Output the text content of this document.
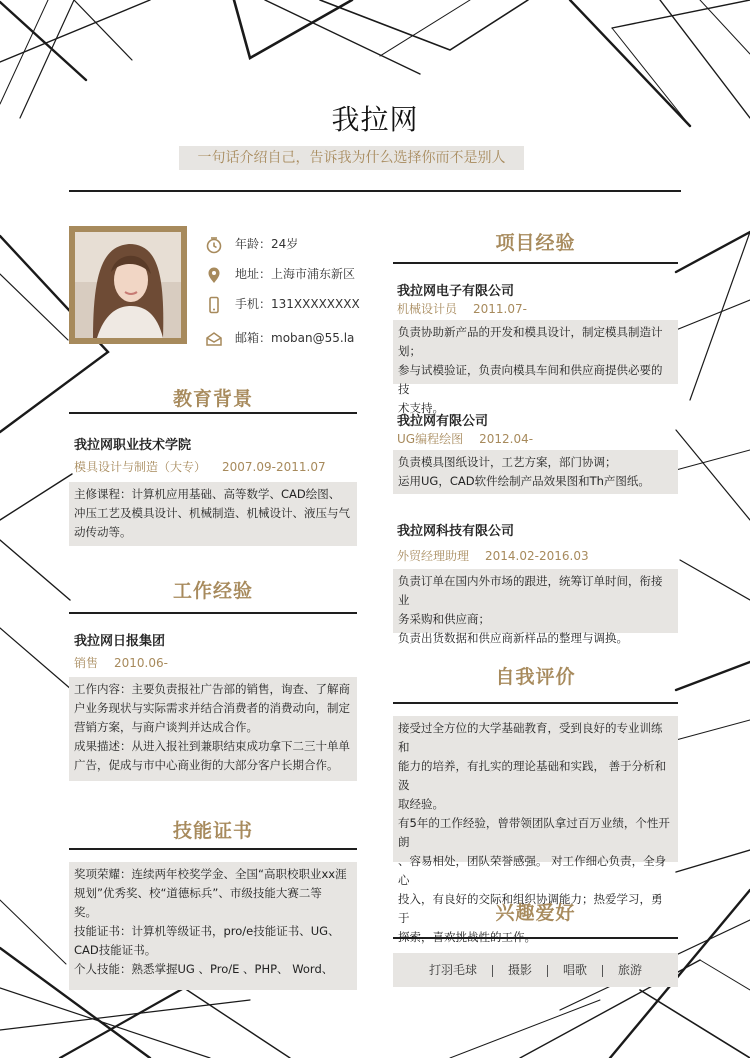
我拉网
一句话介绍自己，告诉我为什么选择你而不是别人
年龄：24岁
地址：上海市浦东新区
手机：131XXXXXXXX
邮箱：moban@55.la
教育背景
我拉网职业技术学院
模具设计与制造（大专） 2007.09-2011.07

主修课程：计算机应用基础、高等数学、CAD绘图、

冲压工艺及模具设计、机械制造、机械设计、液压与气

动传动等。

工作经验
我拉网日报集团
销售 2010.06-

工作内容：主要负责报社广告部的销售，询查、了解商

户业务现状与实际需求并结合消费者的消费动向，制定

营销方案，与商户谈判并达成合作。

成果描述：从进入报社到兼职结束成功拿下二三十单单

广告，促成与市中心商业街的大部分客户长期合作。

技能证书

奖项荣耀：连续两年校奖学金、全国“高职校职业xx涯

规划”优秀奖、校“道德标兵”、市级技能大赛二等

奖。

技能证书：计算机等级证书，pro/e技能证书、UG、

CAD技能证书。

个人技能：熟悉掌握UG 、Pro/E 、PHP、 Word、

项目经验
我拉网电子有限公司
机械设计员 2011.07-

负责协助新产品的开发和模具设计，制定模具制造计划；

参与试模验证，负责向模具车间和供应商提供必要的技

术支持。

我拉网有限公司
UG编程绘图 2012.04-

负责模具图纸设计，工艺方案，部门协调；

运用UG，CAD软件绘制产品效果图和Th产图纸。

我拉网科技有限公司
外贸经理助理 2014.02-2016.03

负责订单在国内外市场的跟进，统筹订单时间，衔接业

务采购和供应商；

负责出货数据和供应商新样品的整理与调换。

自我评价

接受过全方位的大学基础教育，受到良好的专业训练和

能力的培养，有扎实的理论基础和实践， 善于分析和汲

取经验。

有5年的工作经验，曾带领团队拿过百万业绩，个性开朗

、容易相处，团队荣誉感强。 对工作细心负责，全身心

投入，有良好的交际和组织协调能力；热爱学习，勇于	兴趣爱好
打羽毛球	摄影	唱歌	旅游
